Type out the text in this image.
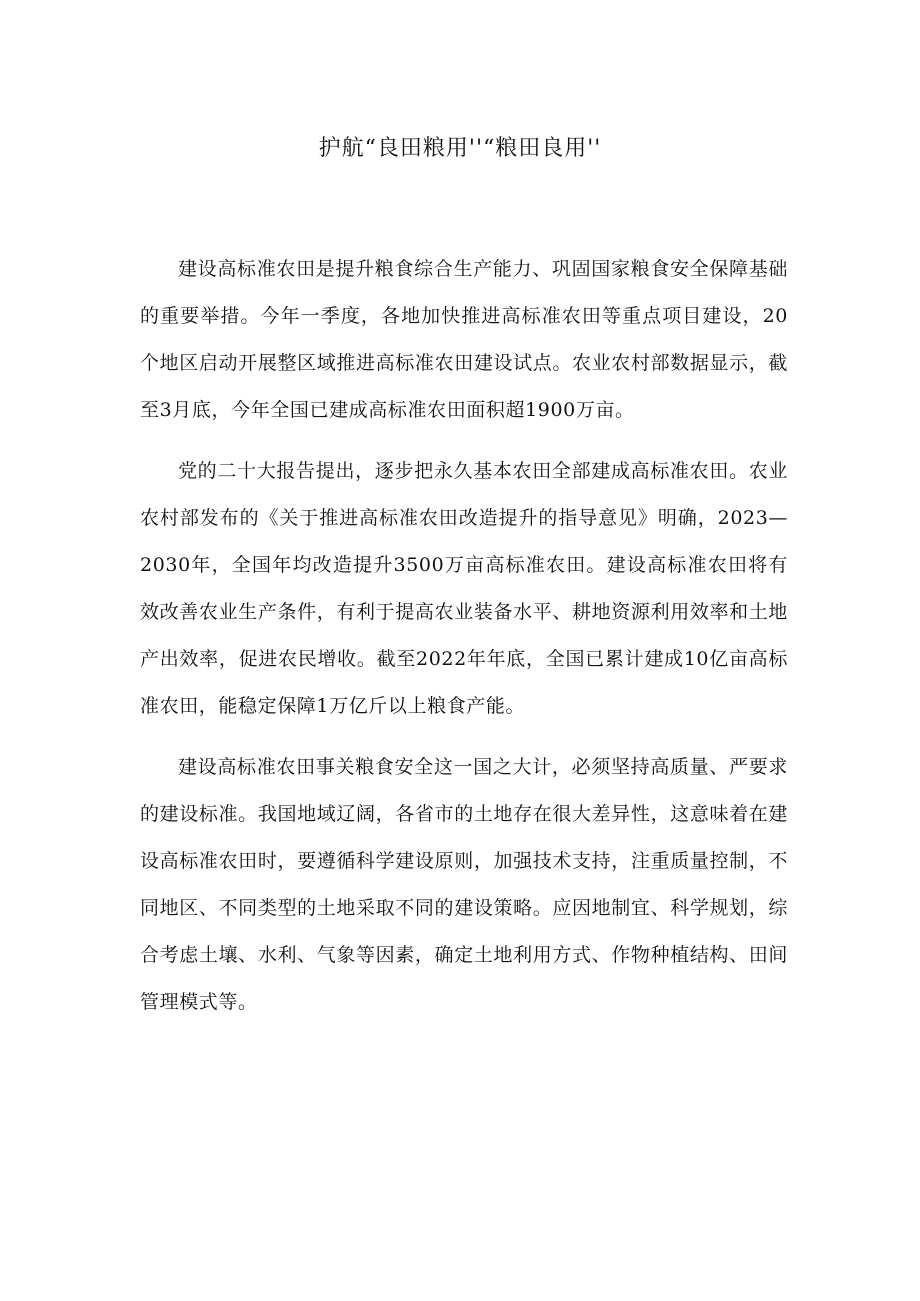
护航“良田粮用''“粮田良用''

建设高标准农田是提升粮食综合生产能力、巩固国家粮食安全保障基础的重要举措。今年一季度，各地加快推进高标准农田等重点项目建设，20个地区启动开展整区域推进高标准农田建设试点。农业农村部数据显示，截至3月底，今年全国已建成高标准农田面积超1900万亩。

党的二十大报告提出，逐步把永久基本农田全部建成高标准农田。农业农村部发布的《关于推进高标准农田改造提升的指导意见》明确，2023—2030年，全国年均改造提升3500万亩高标准农田。建设高标准农田将有效改善农业生产条件，有利于提高农业装备水平、耕地资源利用效率和土地产出效率，促进农民增收。截至2022年年底，全国已累计建成10亿亩高标准农田，能稳定保障1万亿斤以上粮食产能。

建设高标准农田事关粮食安全这一国之大计，必须坚持高质量、严要求的建设标准。我国地域辽阔，各省市的土地存在很大差异性，这意味着在建设高标准农田时，要遵循科学建设原则，加强技术支持，注重质量控制，不同地区、不同类型的土地采取不同的建设策略。应因地制宜、科学规划，综合考虑土壤、水利、气象等因素，确定土地利用方式、作物种植结构、田间管理模式等。
